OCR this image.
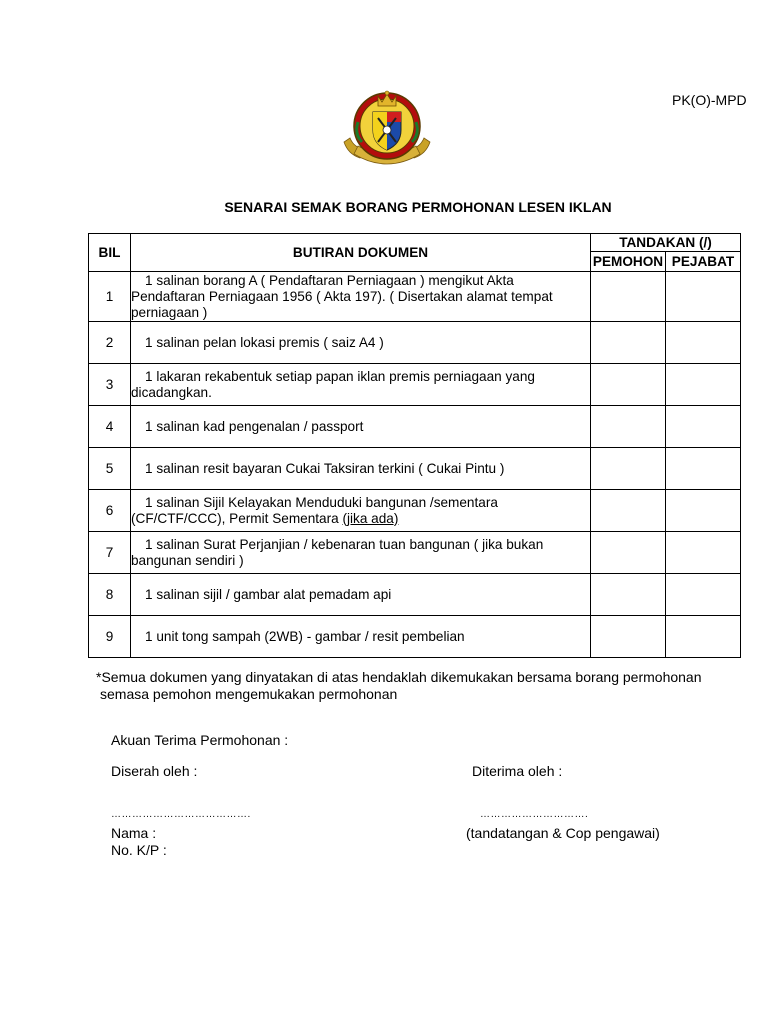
PK(O)-MPD
SENARAI SEMAK BORANG PERMOHONAN LESEN IKLAN
BIL	BUTIRAN DOKUMEN	TANDAKAN (/)	
		PEMOHON	PEJABAT
1	1 salinan borang A ( Pendaftaran Perniagaan ) mengikut Akta Pendaftaran Perniagaan 1956 ( Akta 197). ( Disertakan alamat tempat perniagaan )		
2	1 salinan pelan lokasi premis ( saiz A4 )		
3	1 lakaran rekabentuk setiap papan iklan premis perniagaan yang dicadangkan.		
4	1 salinan kad pengenalan / passport		
5	1 salinan resit bayaran Cukai Taksiran terkini ( Cukai Pintu )		
6	1 salinan Sijil Kelayakan Menduduki bangunan /sementara (CF/CTF/CCC), Permit Sementara (jika ada)		
7	1 salinan Surat Perjanjian / kebenaran tuan bangunan ( jika bukan bangunan sendiri )		
8	1 salinan sijil / gambar alat pemadam api		
9	1 unit tong sampah (2WB) - gambar / resit pembelian		
*Semua dokumen yang dinyatakan di atas hendaklah dikemukakan bersama borang permohonan
semasa pemohon mengemukakan permohonan
Akuan Terima Permohonan :
Diserah oleh :	Diterima oleh :
………………………………….	………………………….
Nama :
No. K/P :
(tandatangan & Cop pengawai)
